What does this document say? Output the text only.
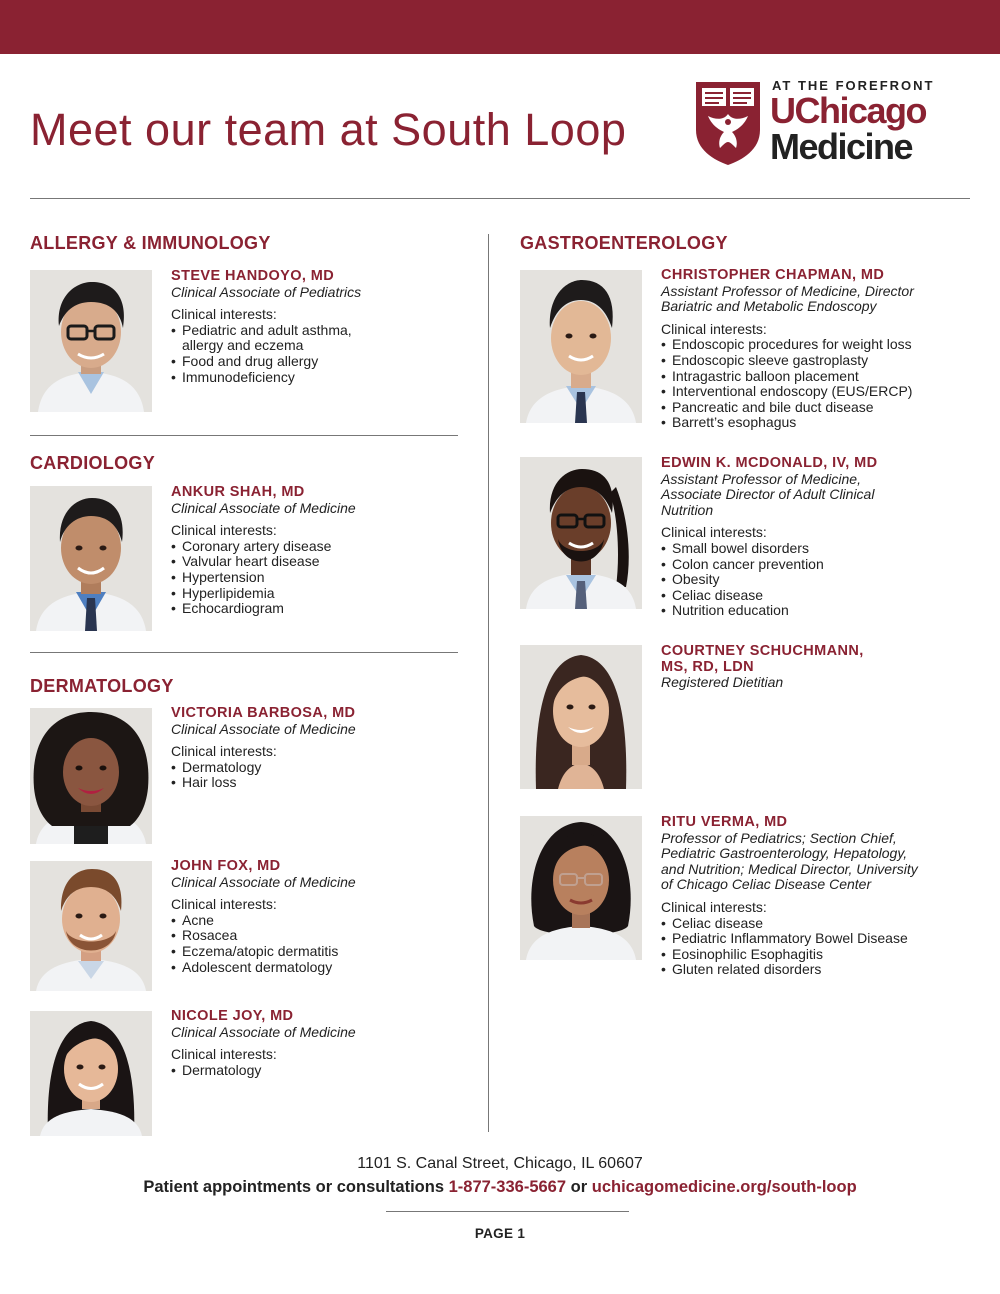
Meet our team at South Loop
AT THE FOREFRONT
UChicago
Medicine
ALLERGY & IMMUNOLOGY
STEVE HANDOYO, MD
Clinical Associate of Pediatrics
Clinical interests:
• Pediatric and adult asthma, allergy and eczema
• Food and drug allergy
• Immunodeficiency
CARDIOLOGY
ANKUR SHAH, MD
Clinical Associate of Medicine
Clinical interests:
• Coronary artery disease
• Valvular heart disease
• Hypertension
• Hyperlipidemia
• Echocardiogram
DERMATOLOGY
VICTORIA BARBOSA, MD
Clinical Associate of Medicine
Clinical interests:
• Dermatology
• Hair loss
JOHN FOX, MD
Clinical Associate of Medicine
Clinical interests:
• Acne
• Rosacea
• Eczema/atopic dermatitis
• Adolescent dermatology
NICOLE JOY, MD
Clinical Associate of Medicine
Clinical interests:
• Dermatology
GASTROENTEROLOGY
CHRISTOPHER CHAPMAN, MD
Assistant Professor of Medicine, Director
Bariatric and Metabolic Endoscopy
Clinical interests:
• Endoscopic procedures for weight loss
• Endoscopic sleeve gastroplasty
• Intragastric balloon placement
• Interventional endoscopy (EUS/ERCP)
• Pancreatic and bile duct disease
• Barrett’s esophagus
EDWIN K. MCDONALD, IV, MD
Assistant Professor of Medicine,
Associate Director of Adult Clinical
Nutrition
Clinical interests:
• Small bowel disorders
• Colon cancer prevention
• Obesity
• Celiac disease
• Nutrition education
COURTNEY SCHUCHMANN,
MS, RD, LDN
Registered Dietitian
RITU VERMA, MD
Professor of Pediatrics; Section Chief,
Pediatric Gastroenterology, Hepatology,
and Nutrition; Medical Director, University
of Chicago Celiac Disease Center
Clinical interests:
• Celiac disease
• Pediatric Inflammatory Bowel Disease
• Eosinophilic Esophagitis
• Gluten related disorders
1101 S. Canal Street, Chicago, IL 60607
Patient appointments or consultations 1-877-336-5667 or uchicagomedicine.org/south-loop
PAGE 1
